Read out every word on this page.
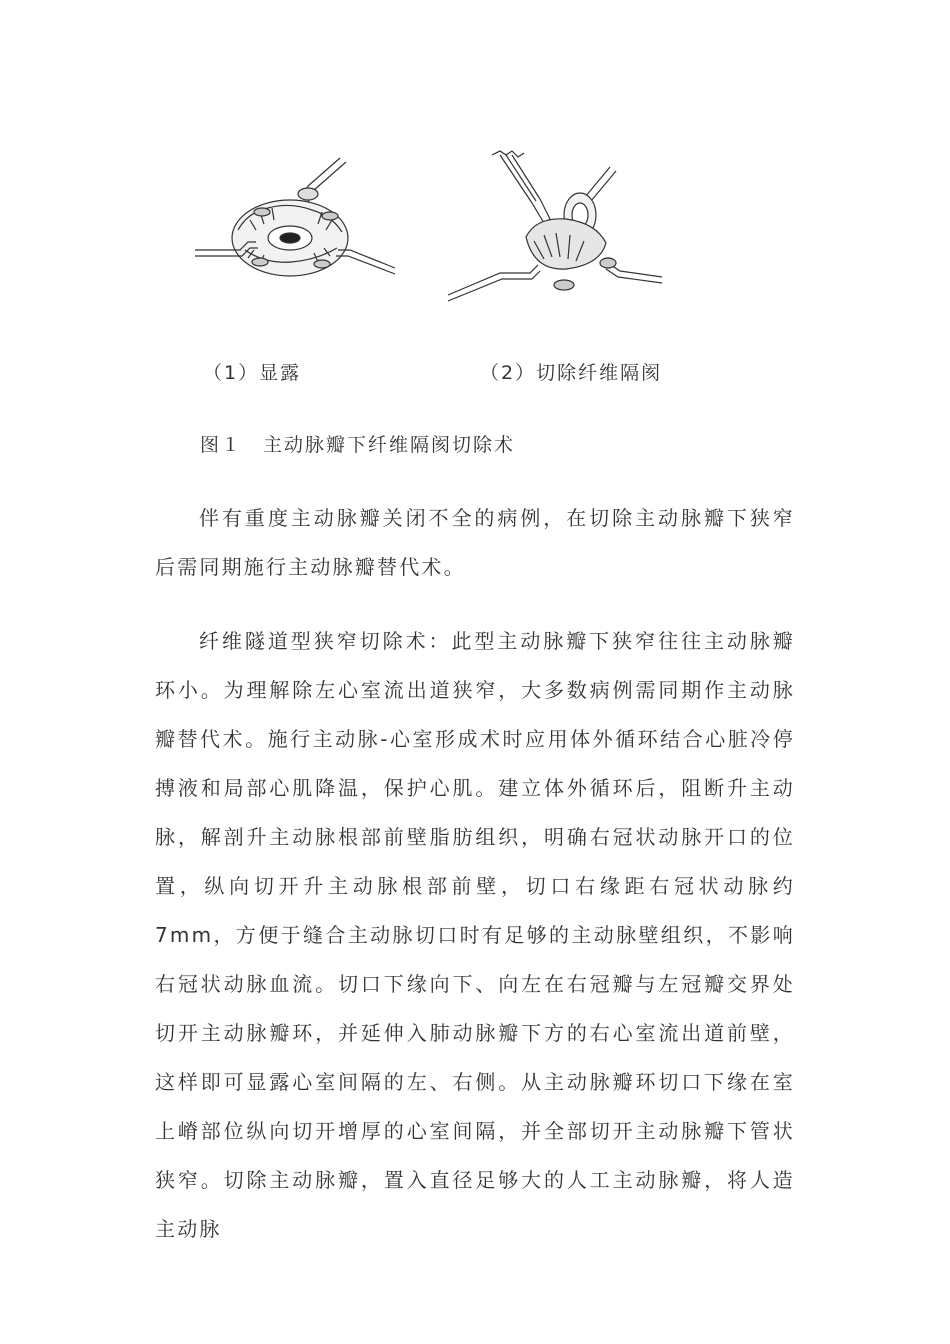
（1）显露	（2）切除纤维隔阂
图１　主动脉瓣下纤维隔阂切除术

伴有重度主动脉瓣关闭不全的病例，在切除主动脉瓣下狭窄后需同期施行主动脉瓣替代术。

纤维隧道型狭窄切除术：此型主动脉瓣下狭窄往往主动脉瓣环小。为理解除左心室流出道狭窄，大多数病例需同期作主动脉瓣替代术。施行主动脉-心室形成术时应用体外循环结合心脏冷停搏液和局部心肌降温，保护心肌。建立体外循环后，阻断升主动脉，解剖升主动脉根部前壁脂肪组织，明确右冠状动脉开口的位置，纵向切开升主动脉根部前壁，切口右缘距右冠状动脉约7mm，方便于缝合主动脉切口时有足够的主动脉壁组织，不影响右冠状动脉血流。切口下缘向下、向左在右冠瓣与左冠瓣交界处切开主动脉瓣环，并延伸入肺动脉瓣下方的右心室流出道前壁，这样即可显露心室间隔的左、右侧。从主动脉瓣环切口下缘在室上嵴部位纵向切开增厚的心室间隔，并全部切开主动脉瓣下管状狭窄。切除主动脉瓣，置入直径足够大的人工主动脉瓣，将人造主动脉
